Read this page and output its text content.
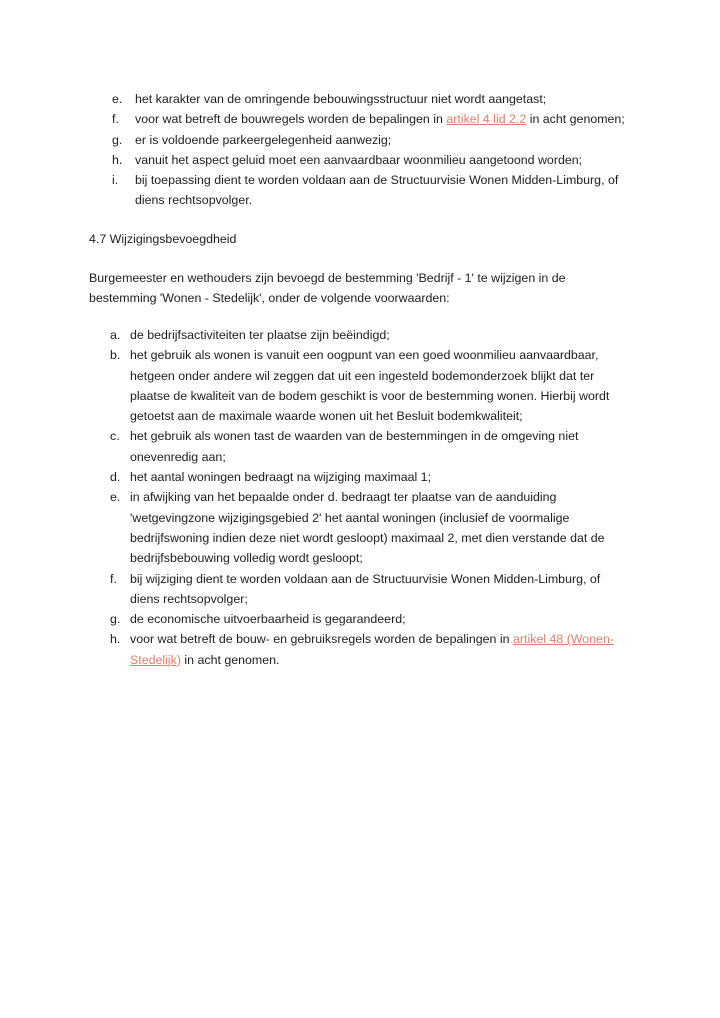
e. het karakter van de omringende bebouwingsstructuur niet wordt aangetast;
f. voor wat betreft de bouwregels worden de bepalingen in artikel 4 lid 2.2 in acht genomen;
g. er is voldoende parkeergelegenheid aanwezig;
h. vanuit het aspect geluid moet een aanvaardbaar woonmilieu aangetoond worden;
i. bij toepassing dient te worden voldaan aan de Structuurvisie Wonen Midden-Limburg, of diens rechtsopvolger.
4.7 Wijzigingsbevoegdheid

Burgemeester en wethouders zijn bevoegd de bestemming 'Bedrijf - 1' te wijzigen in de bestemming 'Wonen - Stedelijk', onder de volgende voorwaarden:

a. de bedrijfsactiviteiten ter plaatse zijn beëindigd;
b. het gebruik als wonen is vanuit een oogpunt van een goed woonmilieu aanvaardbaar, hetgeen onder andere wil zeggen dat uit een ingesteld bodemonderzoek blijkt dat ter plaatse de kwaliteit van de bodem geschikt is voor de bestemming wonen. Hierbij wordt getoetst aan de maximale waarde wonen uit het Besluit bodemkwaliteit;
c. het gebruik als wonen tast de waarden van de bestemmingen in de omgeving niet onevenredig aan;
d. het aantal woningen bedraagt na wijziging maximaal 1;
e. in afwijking van het bepaalde onder d. bedraagt ter plaatse van de aanduiding 'wetgevingzone wijzigingsgebied 2' het aantal woningen (inclusief de voormalige bedrijfswoning indien deze niet wordt gesloopt) maximaal 2, met dien verstande dat de bedrijfsbebouwing volledig wordt gesloopt;
f. bij wijziging dient te worden voldaan aan de Structuurvisie Wonen Midden-Limburg, of diens rechtsopvolger;
g. de economische uitvoerbaarheid is gegarandeerd;
h. voor wat betreft de bouw- en gebruiksregels worden de bepalingen in artikel 48 (Wonen-Stedelijk) in acht genomen.
